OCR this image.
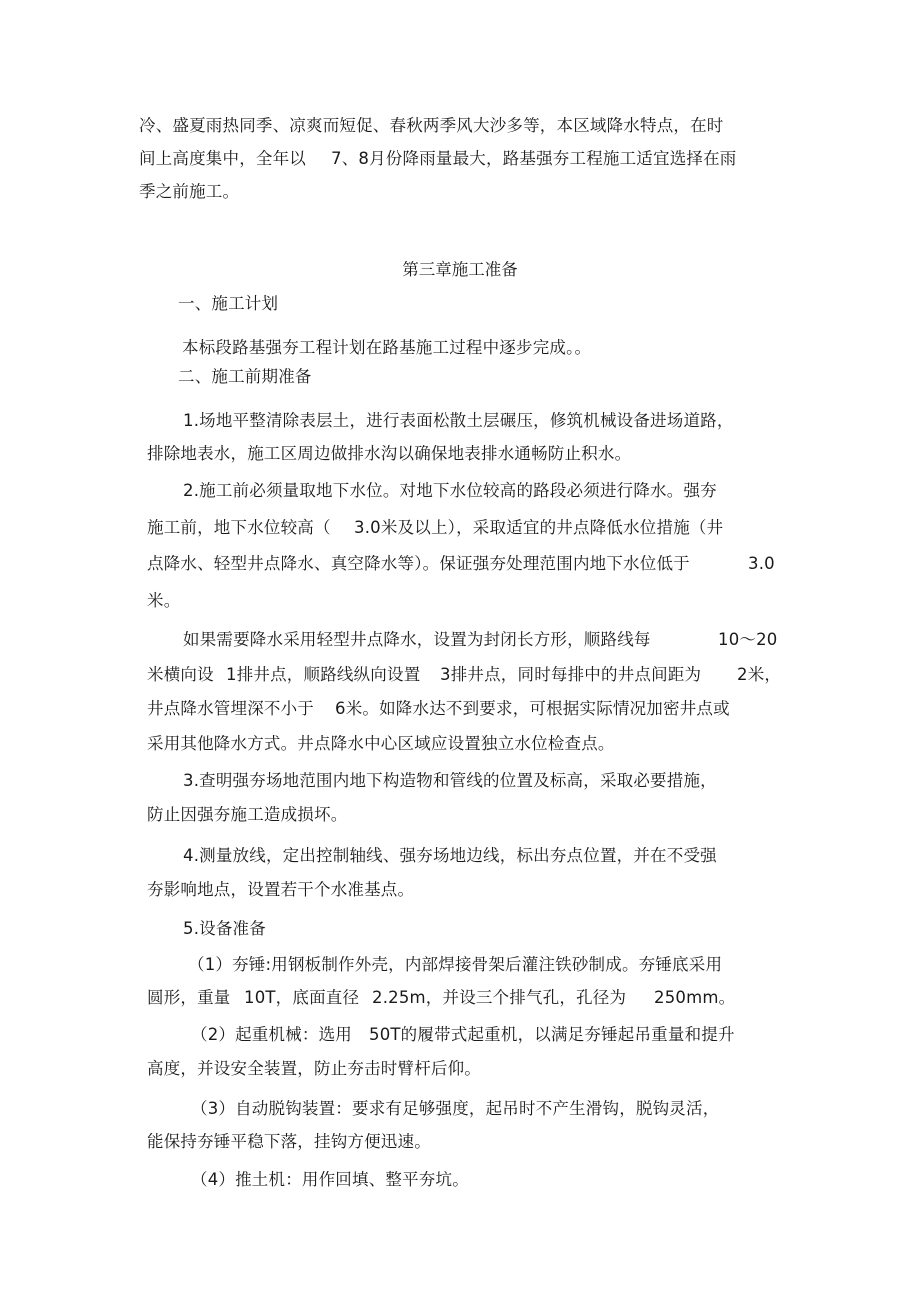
冷、盛夏雨热同季、凉爽而短促、春秋两季风大沙多等，本区域降水特点，在时
间上高度集中，全年以 7、8月份降雨量最大，路基强夯工程施工适宜选择在雨
季之前施工。
第三章施工准备
一、施工计划
本标段路基强夯工程计划在路基施工过程中逐步完成。。
二、施工前期准备
1.场地平整清除表层土，进行表面松散土层碾压，修筑机械设备进场道路，
排除地表水，施工区周边做排水沟以确保地表排水通畅防止积水。
2.施工前必须量取地下水位。对地下水位较高的路段必须进行降水。强夯
施工前，地下水位较高（ 3.0米及以上），采取适宜的井点降低水位措施（井
点降水、轻型井点降水、真空降水等）。保证强夯处理范围内地下水位低于	3.0
米。
如果需要降水采用轻型井点降水，设置为封闭长方形，顺路线每	10～20
米横向设 1排井点，顺路线纵向设置 3排井点，同时每排中的井点间距为 2米，
井点降水管埋深不小于 6米。如降水达不到要求，可根据实际情况加密井点或
采用其他降水方式。井点降水中心区域应设置独立水位检查点。
3.查明强夯场地范围内地下构造物和管线的位置及标高，采取必要措施，
防止因强夯施工造成损坏。
4.测量放线，定出控制轴线、强夯场地边线，标出夯点位置，并在不受强
夯影响地点，设置若干个水准基点。
5.设备准备
（1）夯锤:用钢板制作外壳，内部焊接骨架后灌注铁砂制成。夯锤底采用
圆形，重量 10T，底面直径 2.25m，并设三个排气孔，孔径为 250mm。
（2）起重机械：选用 50T的履带式起重机，以满足夯锤起吊重量和提升
高度，并设安全装置，防止夯击时臂杆后仰。
（3）自动脱钩装置：要求有足够强度，起吊时不产生滑钩，脱钩灵活，
能保持夯锤平稳下落，挂钩方便迅速。
（4）推土机：用作回填、整平夯坑。
